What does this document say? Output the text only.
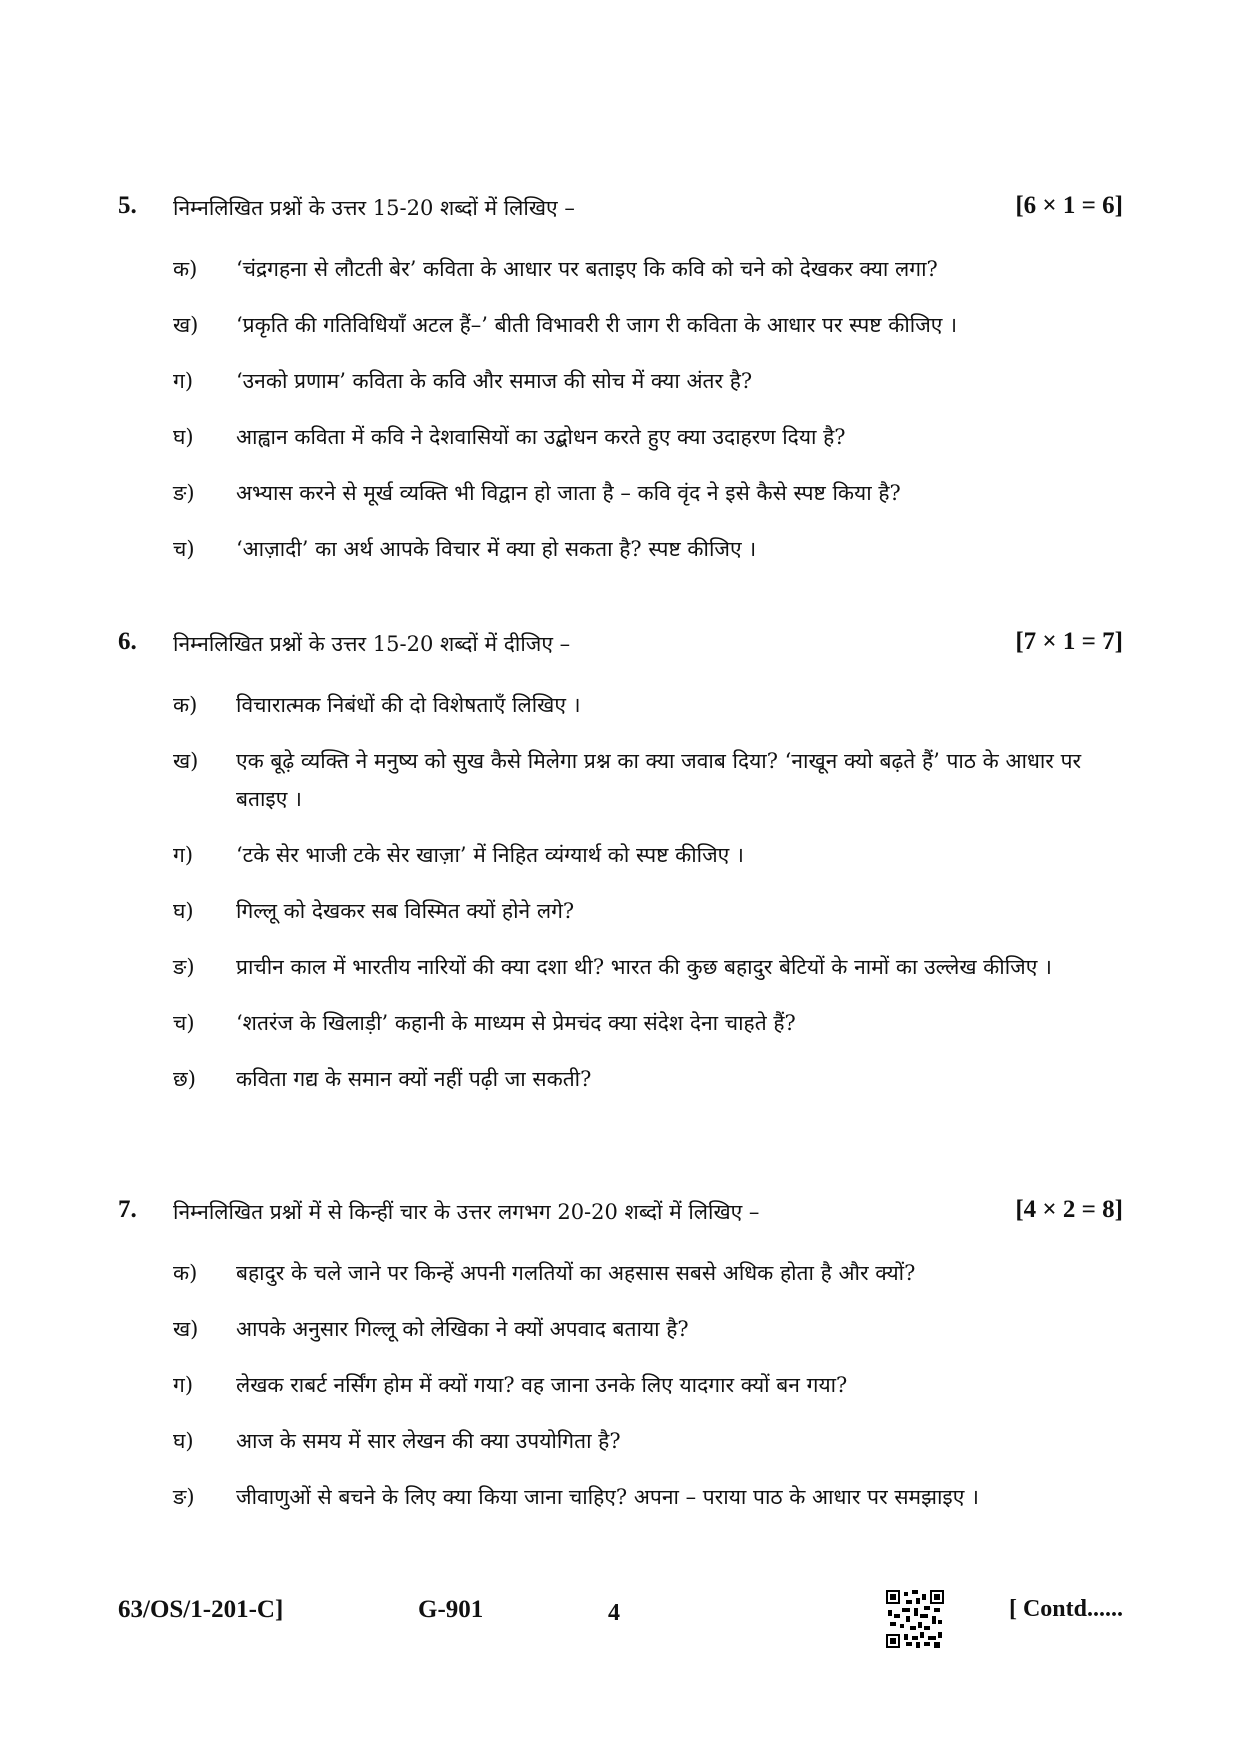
5. निम्नलिखित प्रश्नों के उत्तर 15-20 शब्दों में लिखिए –	[6 × 1 = 6]
क) ‘चंद्रगहना से लौटती बेर’ कविता के आधार पर बताइए कि कवि को चने को देखकर क्या लगा?
ख) ‘प्रकृति की गतिविधियाँ अटल हैं–’ बीती विभावरी री जाग री कविता के आधार पर स्पष्ट कीजिए ।
ग) ‘उनको प्रणाम’ कविता के कवि और समाज की सोच में क्या अंतर है?
घ) आह्वान कविता में कवि ने देशवासियों का उद्बोधन करते हुए क्या उदाहरण दिया है?
ङ) अभ्यास करने से मूर्ख व्यक्ति भी विद्वान हो जाता है – कवि वृंद ने इसे कैसे स्पष्ट किया है?
च) ‘आज़ादी’ का अर्थ आपके विचार में क्या हो सकता है? स्पष्ट कीजिए ।
6. निम्नलिखित प्रश्नों के उत्तर 15-20 शब्दों में दीजिए –	[7 × 1 = 7]
क) विचारात्मक निबंधों की दो विशेषताएँ लिखिए ।
ख) एक बूढ़े व्यक्ति ने मनुष्य को सुख कैसे मिलेगा प्रश्न का क्या जवाब दिया? ‘नाखून क्यो बढ़ते हैं’ पाठ के आधार पर बताइए ।
ग) ‘टके सेर भाजी टके सेर खाज़ा’ में निहित व्यंग्यार्थ को स्पष्ट कीजिए ।
घ) गिल्लू को देखकर सब विस्मित क्यों होने लगे?
ङ) प्राचीन काल में भारतीय नारियों की क्या दशा थी? भारत की कुछ बहादुर बेटियों के नामों का उल्लेख कीजिए ।
च) ‘शतरंज के खिलाड़ी’ कहानी के माध्यम से प्रेमचंद क्या संदेश देना चाहते हैं?
छ) कविता गद्य के समान क्यों नहीं पढ़ी जा सकती?
7. निम्नलिखित प्रश्नों में से किन्हीं चार के उत्तर लगभग 20-20 शब्दों में लिखिए –	[4 × 2 = 8]
क) बहादुर के चले जाने पर किन्हें अपनी गलतियों का अहसास सबसे अधिक होता है और क्यों?
ख) आपके अनुसार गिल्लू को लेखिका ने क्यों अपवाद बताया है?
ग) लेखक राबर्ट नर्सिंग होम में क्यों गया? वह जाना उनके लिए यादगार क्यों बन गया?
घ) आज के समय में सार लेखन की क्या उपयोगिता है?
ङ) जीवाणुओं से बचने के लिए क्या किया जाना चाहिए? अपना – पराया पाठ के आधार पर समझाइए ।
63/OS/1-201-C]	G-901	4	[ Contd......
